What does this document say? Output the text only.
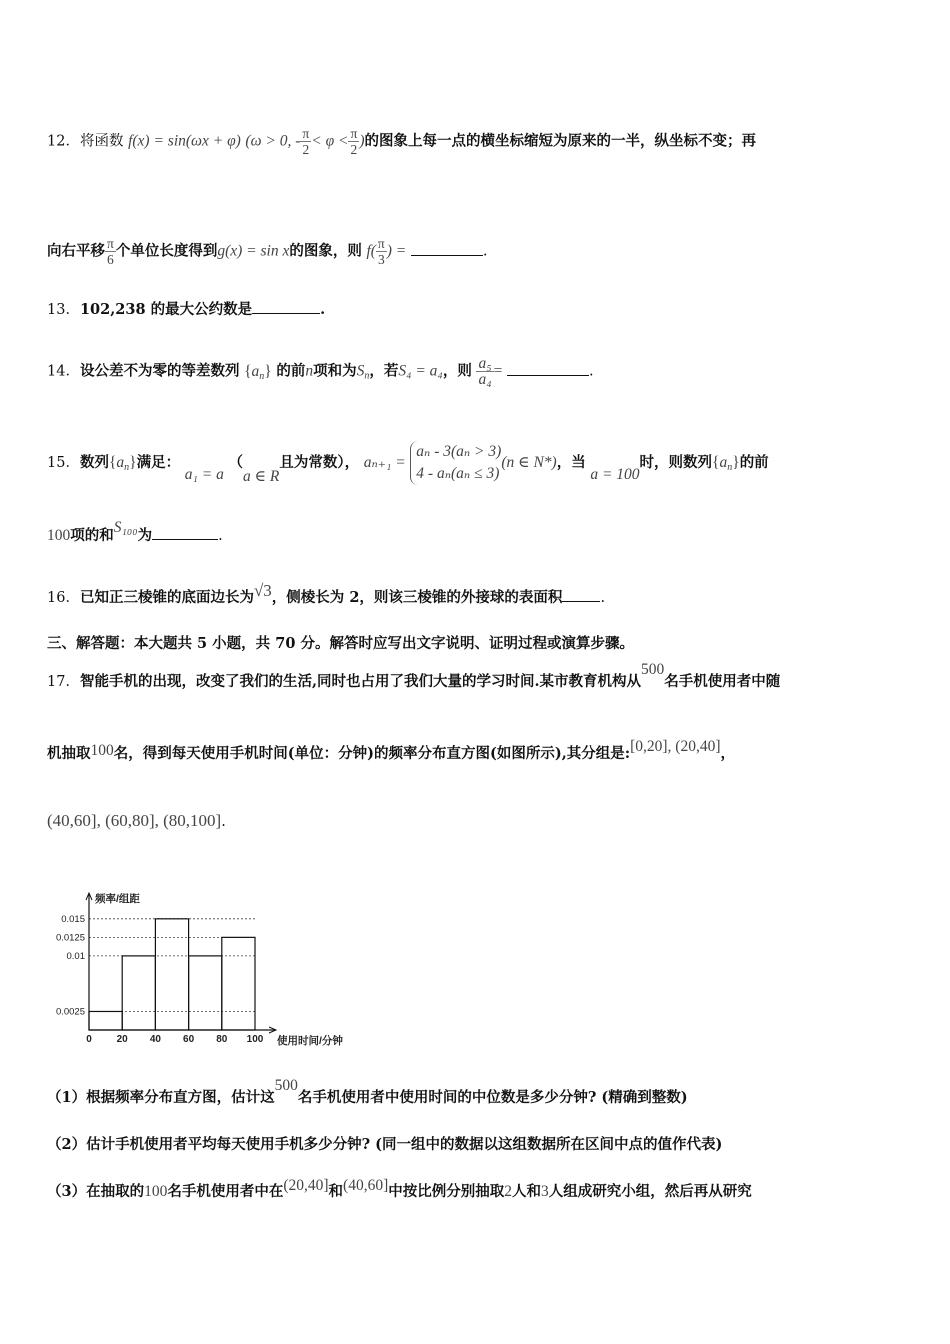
12．将函数 f(x) = sin(ωx + φ) (ω > 0, - $\frac{\pi}{2} < \varphi < \frac{\pi}{2}$ )的图象上每一点的横坐标缩短为原来的一半，纵坐标不变；再
向右平移 $\frac{\pi}{6}$ 个单位长度得到g(x) = sin x的图象，则 $f( \frac{\pi}{3}$ ) =	.
13．102,238 的最大公约数是	.
14．设公差不为零的等差数列 $\{a_n\}$ 的前n项和为$S_n$，若S₄ = a₄，则 $\frac{\text{a₅}}{\text{a₄}}$ =	.
15．数列$\{a_n\}$满足： a₁ = a （a ∈ R且为常数）， aₙ₊₁ =
aₙ - 3(aₙ > 3)
4 - aₙ(aₙ ≤ 3)
(n ∈ N*)，当 a = 100时，则数列$\{a_n\}$的前
100项的和S₁₀₀为	.
16．已知正三棱锥的底面边长为√3，侧棱长为 2，则该三棱锥的外接球的表面积	.
三、解答题：本大题共 5 小题，共 70 分。解答时应写出文字说明、证明过程或演算步骤。
17．智能手机的出现，改变了我们的生活,同时也占用了我们大量的学习时间.某市教育机构从500名手机使用者中随
机抽取100名，得到每天使用手机时间(单位：分钟)的频率分布直方图(如图所示),其分组是:[0,20], (20,40]，
(40,60], (60,80], (80,100].
0.015
0.0125
0.01
0.0025
0 20 40 60 80 100
频率/组距
使用时间/分钟
（1）根据频率分布直方图，估计这500名手机使用者中使用时间的中位数是多少分钟? (精确到整数)
（2）估计手机使用者平均每天使用手机多少分钟? (同一组中的数据以这组数据所在区间中点的值作代表)
（3）在抽取的100名手机使用者中在(20,40]和(40,60]中按比例分别抽取2人和3人组成研究小组，然后再从研究
